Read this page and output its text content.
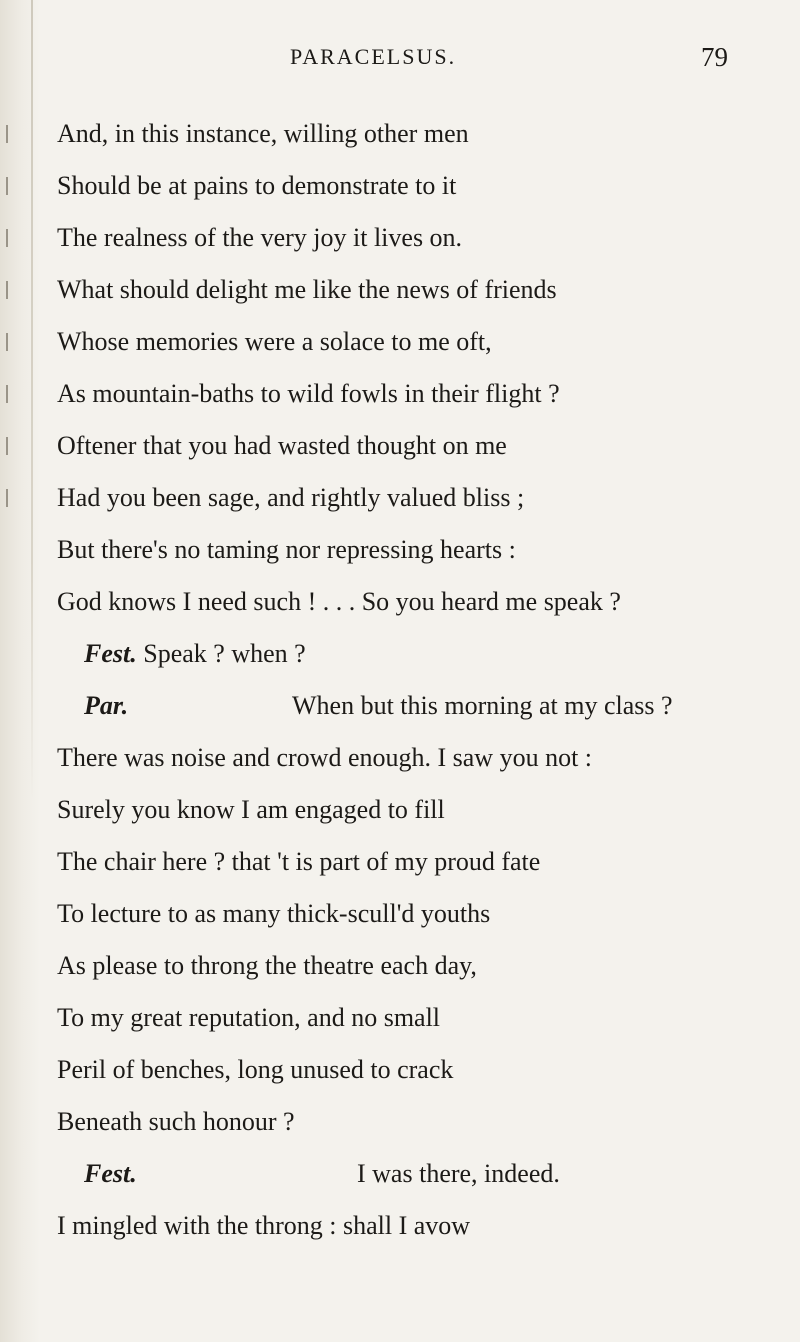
PARACELSUS.	79
And, in this instance, willing other men
Should be at pains to demonstrate to it
The realness of the very joy it lives on.
What should delight me like the news of friends
Whose memories were a solace to me oft,
As mountain-baths to wild fowls in their flight ?
Oftener that you had wasted thought on me
Had you been sage, and rightly valued bliss ;
But there's no taming nor repressing hearts :
God knows I need such ! . . . So you heard me speak ?
Fest. Speak ? when ?
Par.	When but this morning at my class ?
There was noise and crowd enough. I saw you not :
Surely you know I am engaged to fill
The chair here ? that 't is part of my proud fate
To lecture to as many thick-scull'd youths
As please to throng the theatre each day,
To my great reputation, and no small
Peril of benches, long unused to crack
Beneath such honour ?
Fest.	I was there, indeed.
I mingled with the throng : shall I avow
